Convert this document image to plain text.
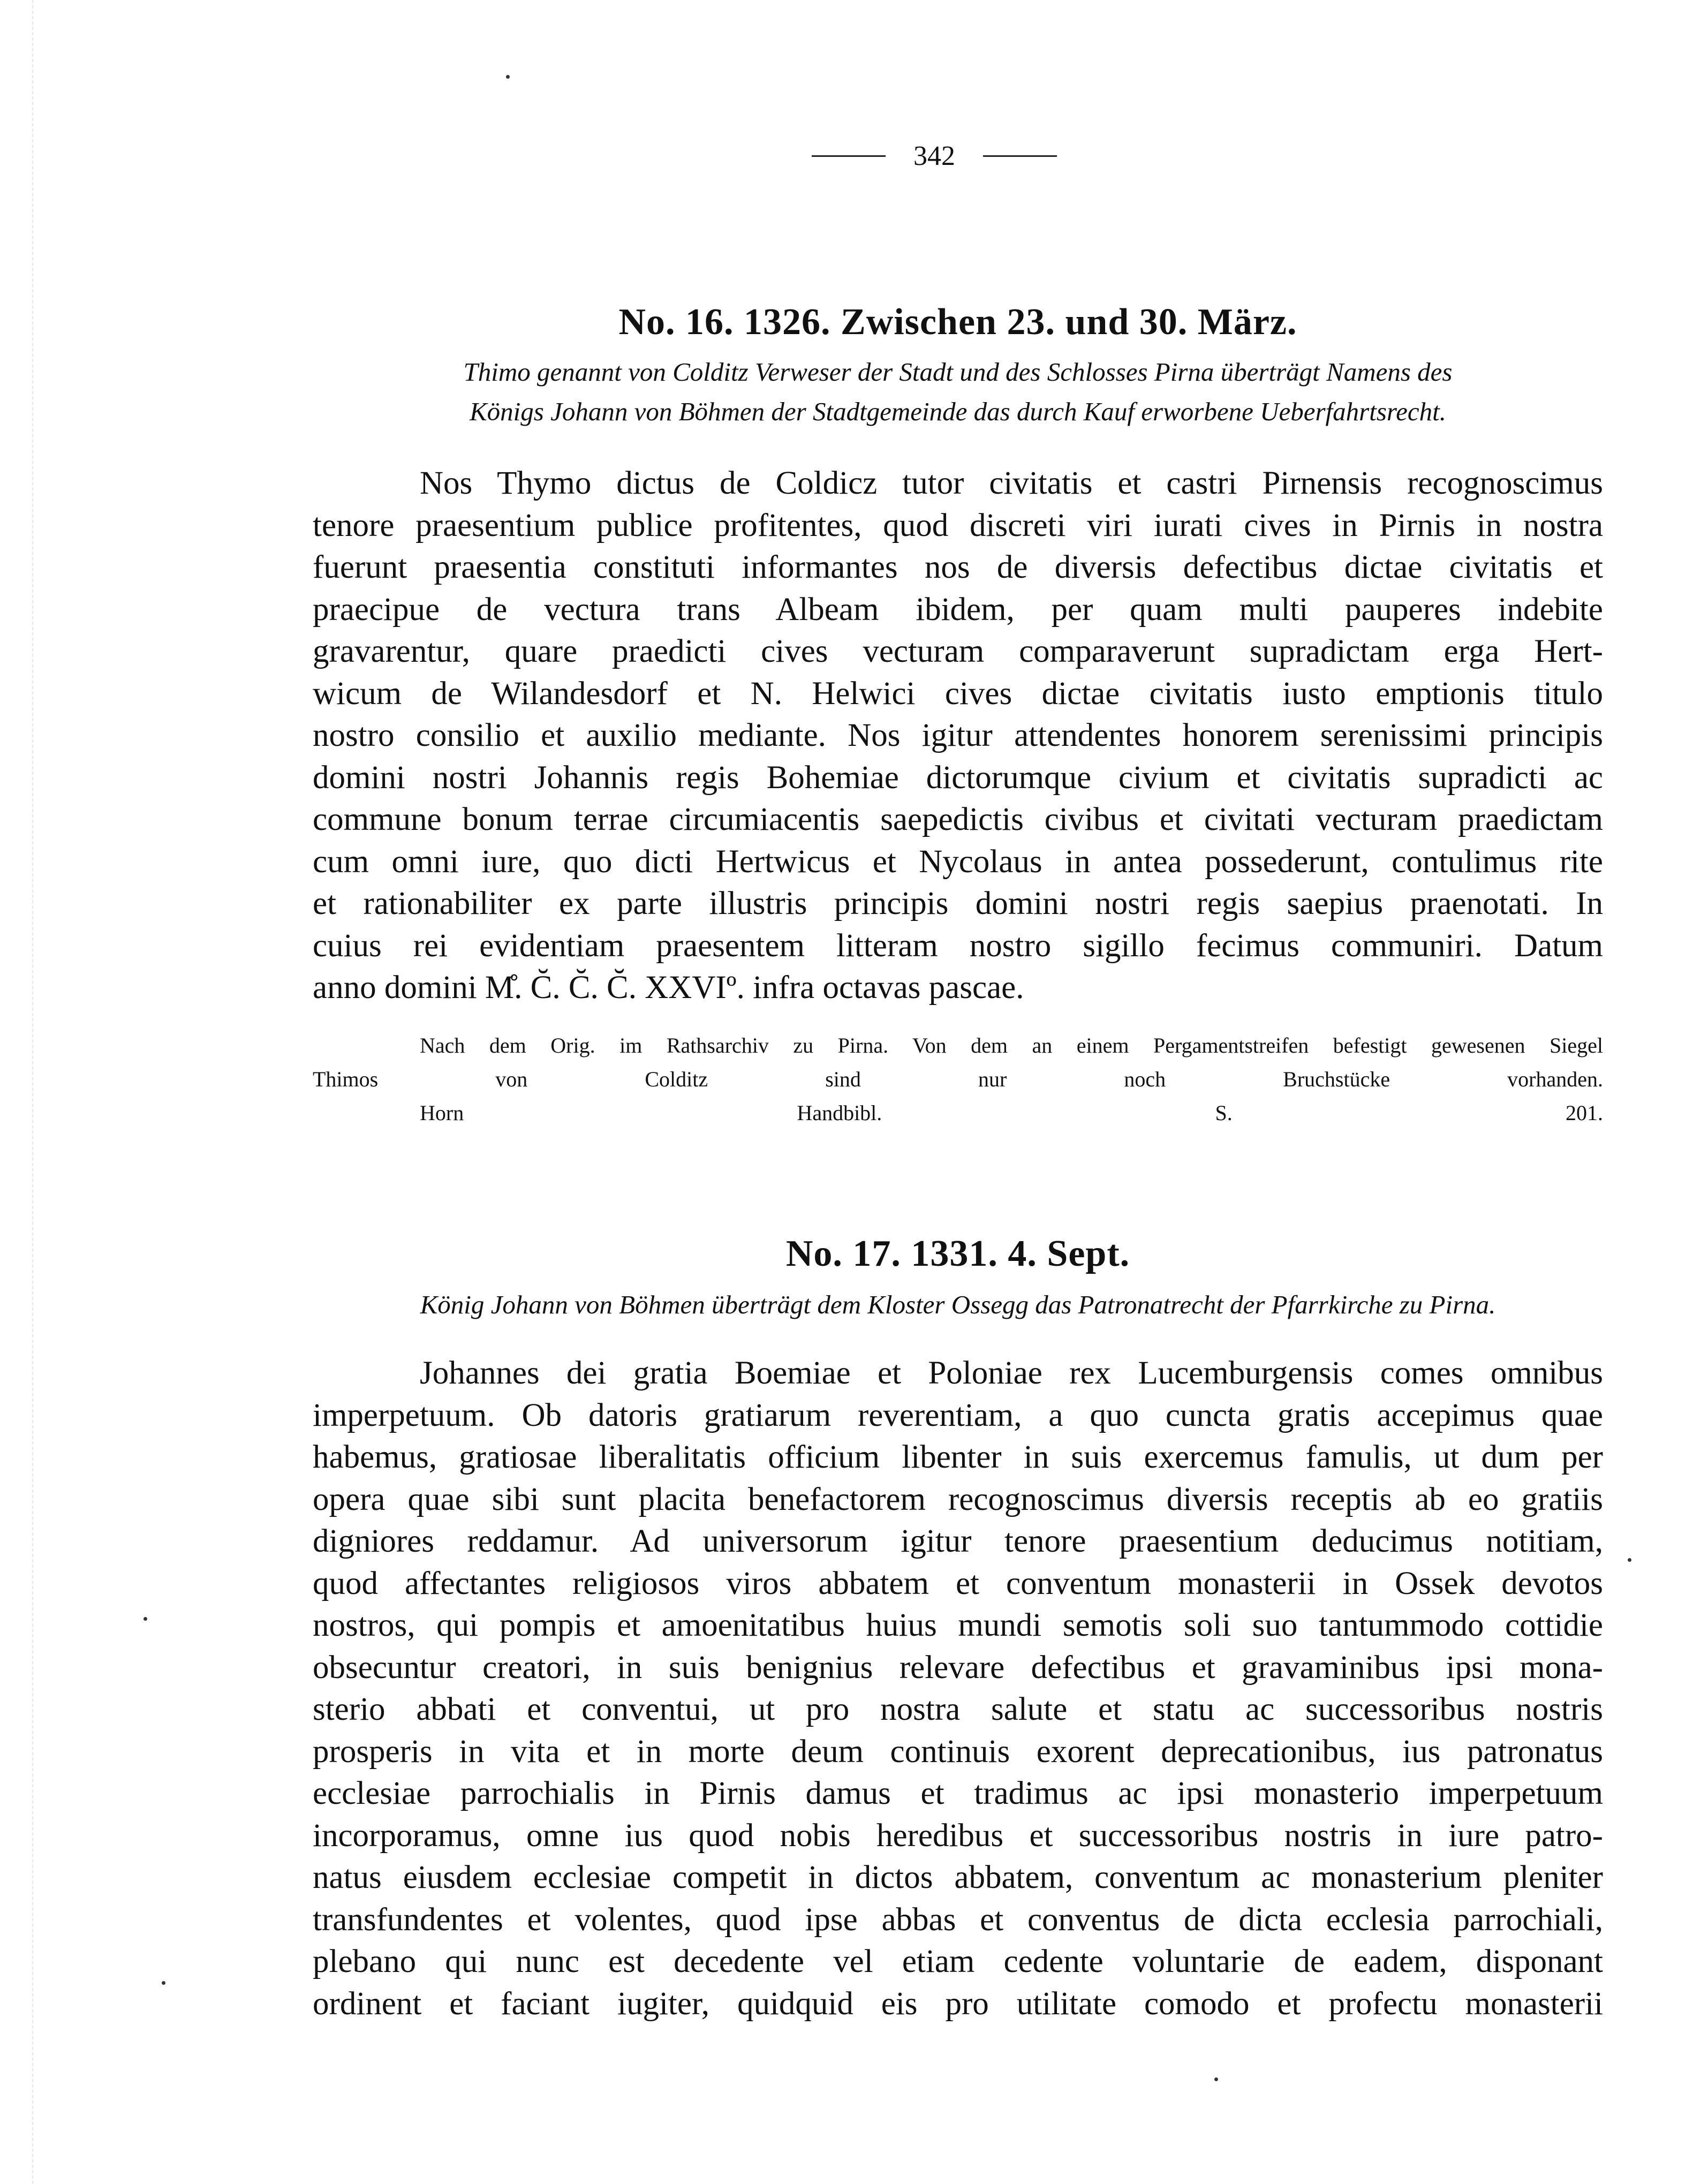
342
No. 16. 1326. Zwischen 23. und 30. März.
Thimo genannt von Colditz Verweser der Stadt und des Schlosses Pirna überträgt Namens des
Königs Johann von Böhmen der Stadtgemeinde das durch Kauf erworbene Ueberfahrtsrecht.
Nos Thymo dictus de Coldicz tutor civitatis et castri Pirnensis recognoscimus
tenore praesentium publice profitentes, quod discreti viri iurati cives in Pirnis in nostra
fuerunt praesentia constituti informantes nos de diversis defectibus dictae civitatis et
praecipue de vectura trans Albeam ibidem, per quam multi pauperes indebite
gravarentur, quare praedicti cives vecturam comparaverunt supradictam erga Hert-
wicum de Wilandesdorf et N. Helwici cives dictae civitatis iusto emptionis titulo
nostro consilio et auxilio mediante. Nos igitur attendentes honorem serenissimi principis
domini nostri Johannis regis Bohemiae dictorumque civium et civitatis supradicti ac
commune bonum terrae circumiacentis saepedictis civibus et civitati vecturam praedictam
cum omni iure, quo dicti Hertwicus et Nycolaus in antea possederunt, contulimus rite
et rationabiliter ex parte illustris principis domini nostri regis saepius praenotati. In
cuius rei evidentiam praesentem litteram nostro sigillo fecimus communiri. Datum
anno domini M̊. C̆. C̆. C̆. XXVIº. infra octavas pascae.
Nach dem Orig. im Rathsarchiv zu Pirna. Von dem an einem Pergamentstreifen befestigt gewesenen Siegel
Thimos von Colditz sind nur noch Bruchstücke vorhanden.
Horn Handbibl. S. 201.
No. 17. 1331. 4. Sept.
König Johann von Böhmen überträgt dem Kloster Ossegg das Patronatrecht der Pfarrkirche zu Pirna.
Johannes dei gratia Boemiae et Poloniae rex Lucemburgensis comes omnibus
imperpetuum. Ob datoris gratiarum reverentiam, a quo cuncta gratis accepimus quae
habemus, gratiosae liberalitatis officium libenter in suis exercemus famulis, ut dum per
opera quae sibi sunt placita benefactorem recognoscimus diversis receptis ab eo gratiis
digniores reddamur. Ad universorum igitur tenore praesentium deducimus notitiam,
quod affectantes religiosos viros abbatem et conventum monasterii in Ossek devotos
nostros, qui pompis et amoenitatibus huius mundi semotis soli suo tantummodo cottidie
obsecuntur creatori, in suis benignius relevare defectibus et gravaminibus ipsi mona-
sterio abbati et conventui, ut pro nostra salute et statu ac successoribus nostris
prosperis in vita et in morte deum continuis exorent deprecationibus, ius patronatus
ecclesiae parrochialis in Pirnis damus et tradimus ac ipsi monasterio imperpetuum
incorporamus, omne ius quod nobis heredibus et successoribus nostris in iure patro-
natus eiusdem ecclesiae competit in dictos abbatem, conventum ac monasterium pleniter
transfundentes et volentes, quod ipse abbas et conventus de dicta ecclesia parrochiali,
plebano qui nunc est decedente vel etiam cedente voluntarie de eadem, disponant
ordinent et faciant iugiter, quidquid eis pro utilitate comodo et profectu monasterii
